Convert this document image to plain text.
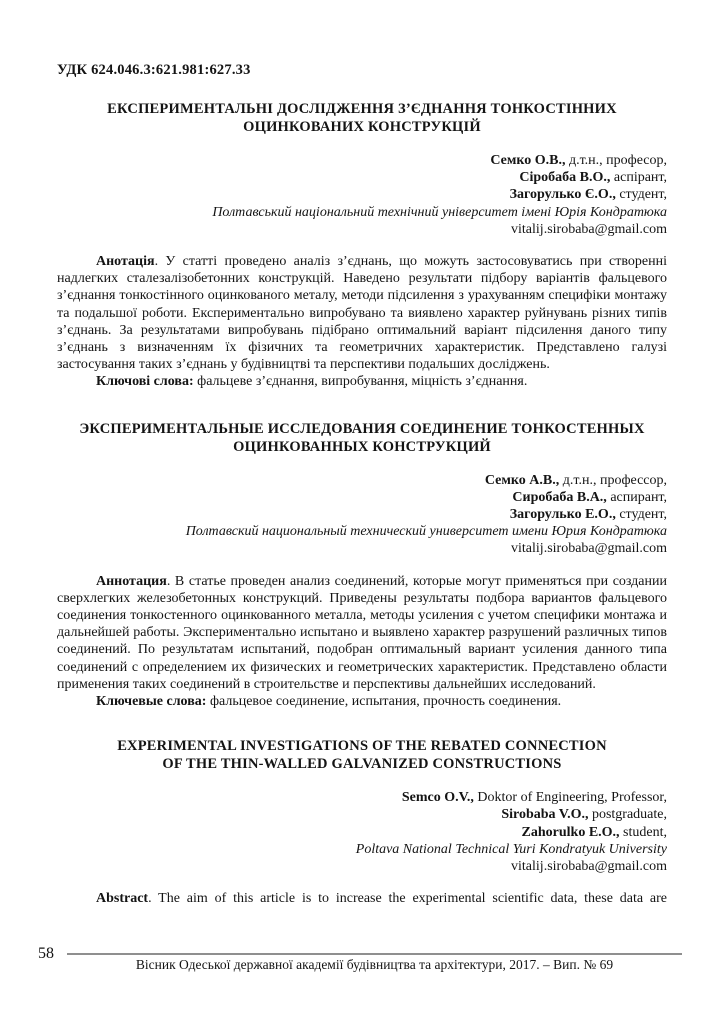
УДК 624.046.3:621.981:627.33
ЕКСПЕРИМЕНТАЛЬНІ ДОСЛІДЖЕННЯ З’ЄДНАННЯ ТОНКОСТІННИХ
ОЦИНКОВАНИХ КОНСТРУКЦІЙ
Семко О.В., д.т.н., професор,
Сіробаба В.О., аспірант,
Загорулько Є.О., студент,
Полтавський національний технічний університет імені Юрія Кондратюка
vitalij.sirobaba@gmail.com

Анотація. У статті проведено аналіз з’єднань, що можуть застосовуватись при створенні надлегких сталезалізобетонних конструкцій. Наведено результати підбору варіантів фальцевого з’єднання тонкостінного оцинкованого металу, методи підсилення з урахуванням специфіки монтажу та подальшої роботи. Експериментально випробувано та виявлено характер руйнувань різних типів з’єднань. За результатами випробувань підібрано оптимальний варіант підсилення даного типу з’єднань з визначенням їх фізичних та геометричних характеристик. Представлено галузі застосування таких з’єднань у будівництві та перспективи подальших досліджень.

Ключові слова: фальцеве з’єднання, випробування, міцність з’єднання.

ЭКСПЕРИМЕНТАЛЬНЫЕ ИССЛЕДОВАНИЯ СОЕДИНЕНИЕ ТОНКОСТЕННЫХ
ОЦИНКОВАННЫХ КОНСТРУКЦИЙ
Семко А.В., д.т.н., профессор,
Сиробаба В.А., аспирант,
Загорулько Е.О., студент,
Полтавский национальный технический университет имени Юрия Кондратюка
vitalij.sirobaba@gmail.com

Аннотация. В статье проведен анализ соединений, которые могут применяться при создании сверхлегких железобетонных конструкций. Приведены результаты подбора вариантов фальцевого соединения тонкостенного оцинкованного металла, методы усиления с учетом специфики монтажа и дальнейшей работы. Экспериментально испытано и выявлено характер разрушений различных типов соединений. По результатам испытаний, подобран оптимальный вариант усиления данного типа соединений с определением их физических и геометрических характеристик. Представлено области применения таких соединений в строительстве и перспективы дальнейших исследований.

Ключевые слова: фальцевое соединение, испытания, прочность соединения.

EXPERIMENTAL INVESTIGATIONS OF THE REBATED CONNECTION
OF THE THIN-WALLED GALVANIZED CONSTRUCTIONS
Semco O.V., Doktor of Engineering, Professor,
Sirobaba V.O., postgraduate,
Zahorulko E.O., student,
Poltava National Technical Yuri Kondratyuk University
vitalij.sirobaba@gmail.com

Abstract. The aim of this article is to increase the experimental scientific data, these data are

58
Вісник Одеської державної академії будівництва та архітектури, 2017. – Вип. № 69
